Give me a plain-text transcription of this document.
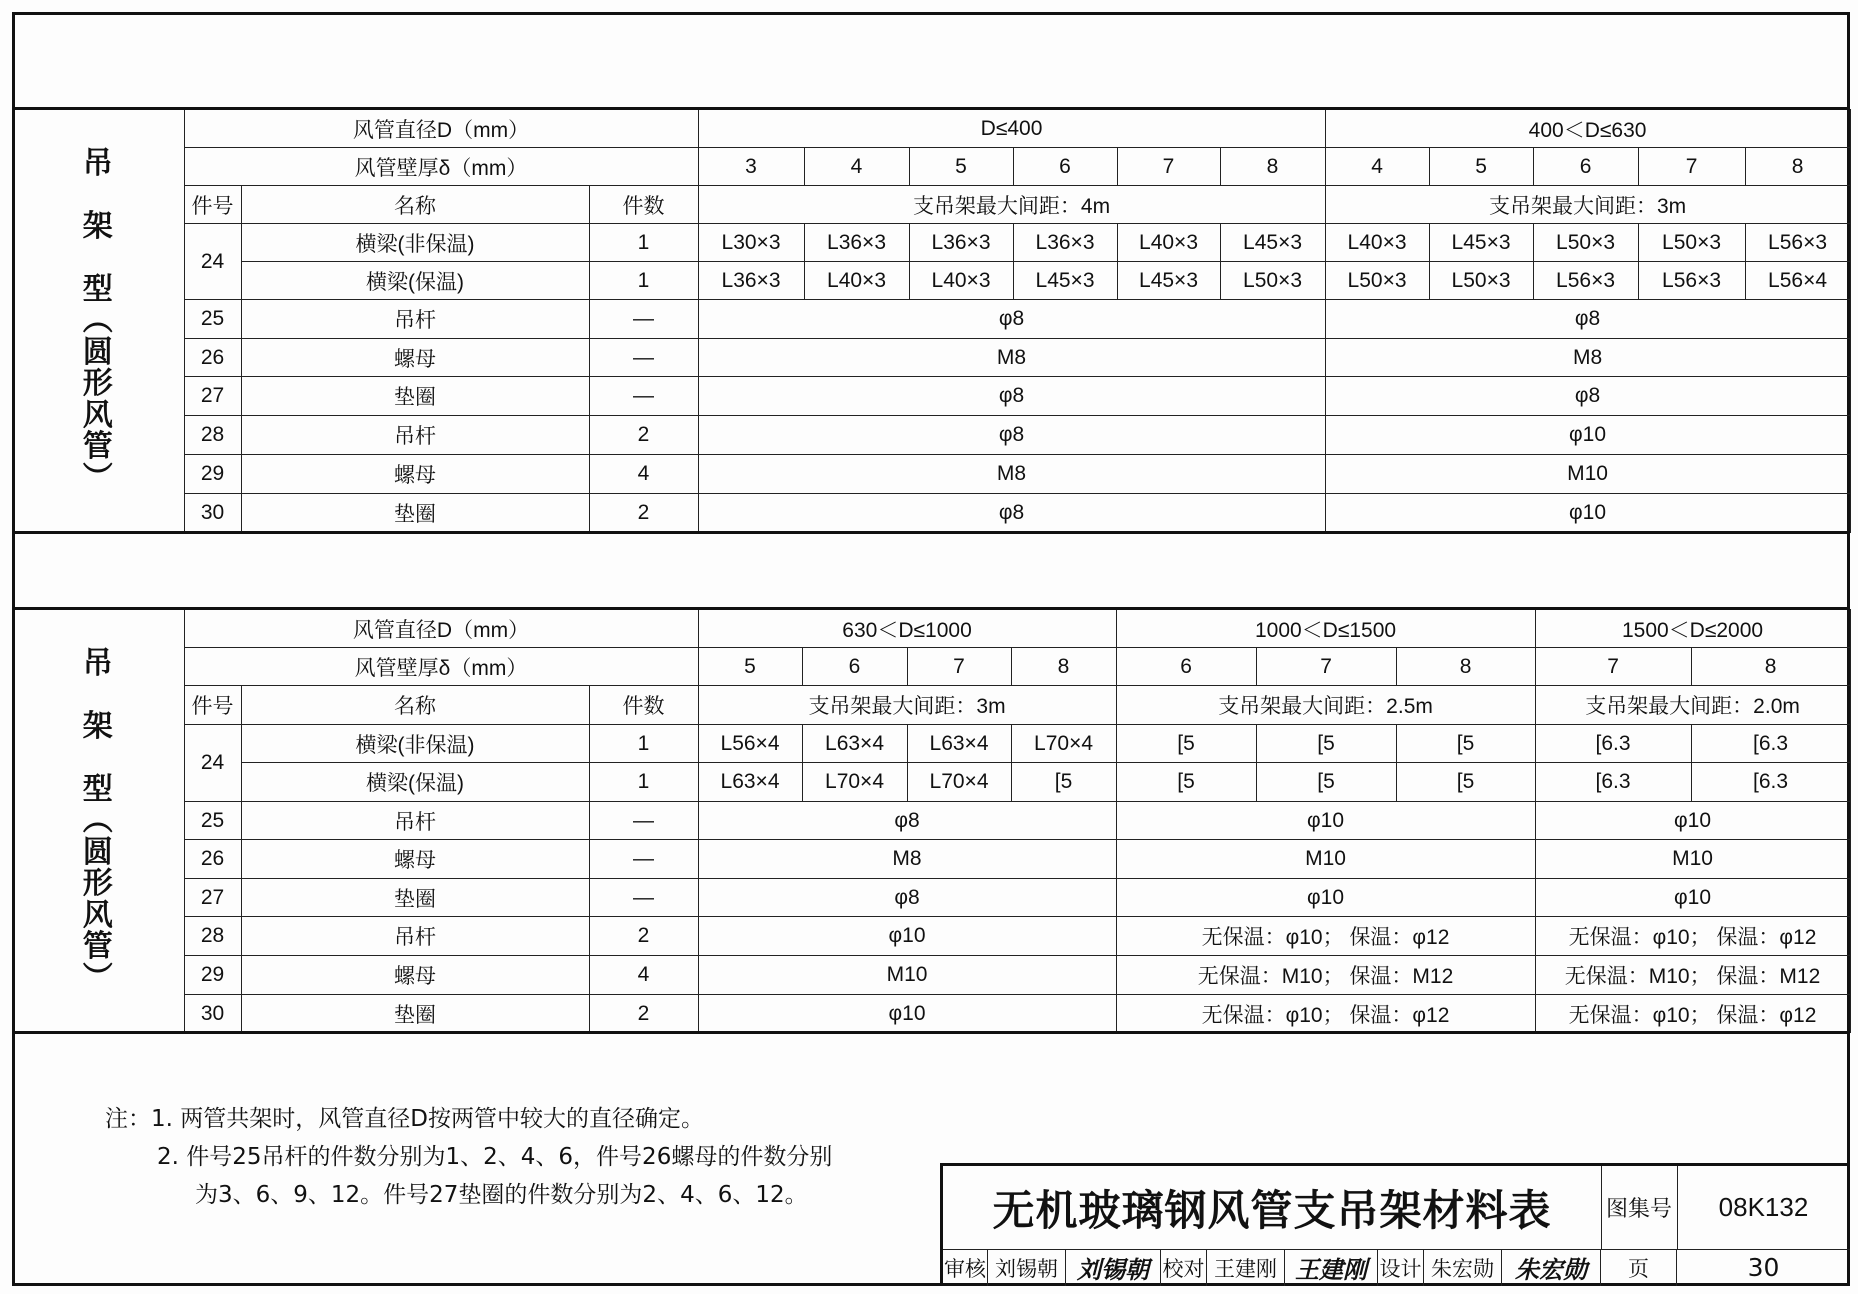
吊

架

型
︵
圆
形
风
管
︶
	风管直径D（mm）	D≤400	400＜D≤630
	风管壁厚δ（mm）			3	4	5	6	7	8	4	5	6	7	8
	件号	名称	件数	支吊架最大间距：4m						支吊架最大间距：3m				
	24	横梁(非保温)	1	L30×3	L36×3	L36×3	L36×3	L40×3	L45×3	L40×3	L45×3	L50×3	L50×3	L56×3
		横梁(保温)	1	L36×3	L40×3	L40×3	L45×3	L45×3	L50×3	L50×3	L50×3	L56×3	L56×3	L56×4
	25	吊杆	—	φ8						φ8				
	26	螺母	—	M8						M8				
	27	垫圈	—	φ8						φ8				
	28	吊杆	2	φ8						φ10				
	29	螺母	4	M8						M10				
	30	垫圈	2	φ8						φ10				
吊

架

型
︵
圆
形
风
管
︶
	风管直径D（mm）	630＜D≤1000	1000＜D≤1500	1500＜D≤2000
	风管壁厚δ（mm）			5	6	7	8	6	7	8	7	8
	件号	名称	件数	支吊架最大间距：3m				支吊架最大间距：2.5m			支吊架最大间距：2.0m	
	24	横梁(非保温)	1	L56×4	L63×4	L63×4	L70×4	[5	[5	[5	[6.3	[6.3
		横梁(保温)	1	L63×4	L70×4	L70×4	[5	[5	[5	[5	[6.3	[6.3
	25	吊杆	—	φ8				φ10			φ10	
	26	螺母	—	M8				M10			M10	
	27	垫圈	—	φ8				φ10			φ10	
	28	吊杆	2	φ10				无保温：φ10； 保温：φ12			无保温：φ10； 保温：φ12	
	29	螺母	4	M10				无保温：M10； 保温：M12			无保温：M10； 保温：M12	
	30	垫圈	2	φ10				无保温：φ10； 保温：φ12			无保温：φ10； 保温：φ12	
注：1. 两管共架时，风管直径D按两管中较大的直径确定。
2. 件号25吊杆的件数分别为1、2、4、6，件号26螺母的件数分别
为3、6、9、12。件号27垫圈的件数分别为2、4、6、12。	无机玻璃钢风管支吊架材料表	图集号	08K132
审核 刘锡朝 刘锡朝 校对 王建刚 王建刚 设计 朱宏勋 朱宏勋	页	30
